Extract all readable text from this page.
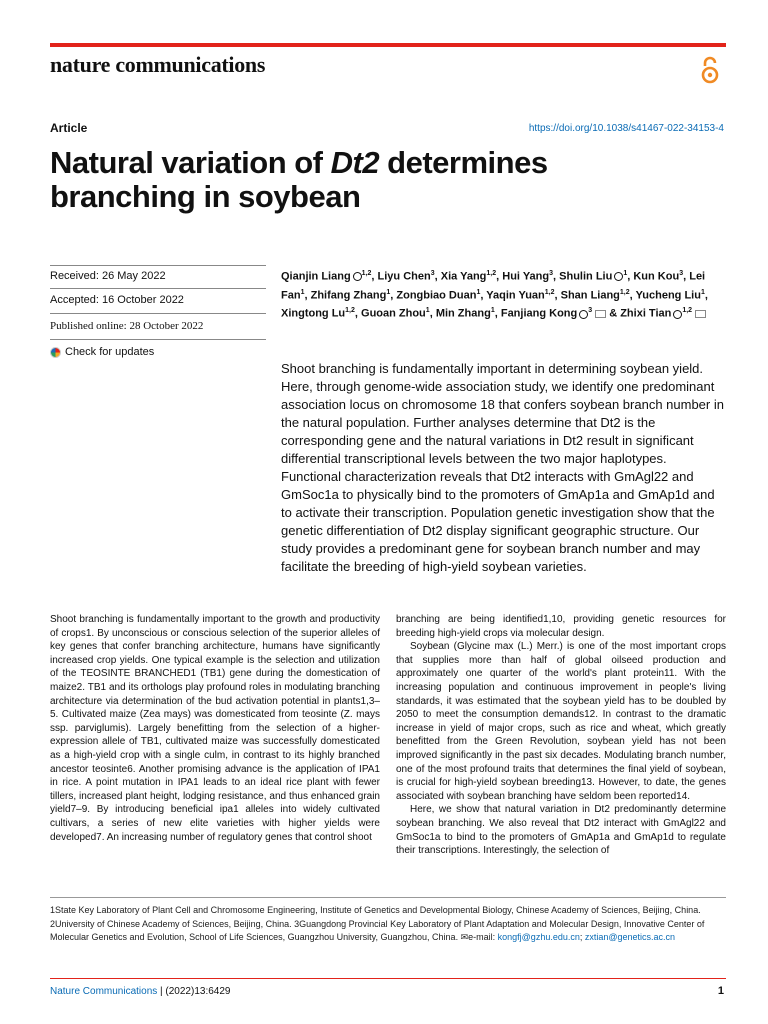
nature communications
Article	https://doi.org/10.1038/s41467-022-34153-4
Natural variation of Dt2 determines branching in soybean
Received: 26 May 2022
Accepted: 16 October 2022
Published online: 28 October 2022
Check for updates
Qianjin Liang $^{1,2}$, Liyu Chen$^3$, Xia Yang$^{1,2}$, Hui Yang$^3$, Shulin Liu $^1$, Kun Kou$^3$, Lei Fan$^1$, Zhifang Zhang$^1$, Zongbiao Duan$^1$, Yaqin Yuan$^{1,2}$, Shan Liang$^{1,2}$, Yucheng Liu$^1$, Xingtong Lu$^{1,2}$, Guoan Zhou$^1$, Min Zhang$^1$, Fanjiang Kong $^3$ & Zhixi Tian $^{1,2}$
Shoot branching is fundamentally important in determining soybean yield. Here, through genome-wide association study, we identify one predominant association locus on chromosome 18 that confers soybean branch number in the natural population. Further analyses determine that Dt2 is the corresponding gene and the natural variations in Dt2 result in significant differential transcriptional levels between the two major haplotypes. Functional characterization reveals that Dt2 interacts with GmAgl22 and GmSoc1a to physically bind to the promoters of GmAp1a and GmAp1d and to activate their transcription. Population genetic investigation show that the genetic differentiation of Dt2 display significant geographic structure. Our study provides a predominant gene for soybean branch number and may facilitate the breeding of high-yield soybean varieties.

Shoot branching is fundamentally important to the growth and productivity of crops1. By unconscious or conscious selection of the superior alleles of key genes that confer branching architecture, humans have significantly increased crop yields. One typical example is the selection and utilization of the TEOSINTE BRANCHED1 (TB1) gene during the domestication of maize2. TB1 and its orthologs play profound roles in modulating branching architecture via determination of the bud activation potential in plants1,3–5. Cultivated maize (Zea mays) was domesticated from teosinte (Z. mays ssp. parviglumis). Largely benefitting from the selection of a higher-expression allele of TB1, cultivated maize was successfully domesticated as a high-yield crop with a single culm, in contrast to its highly branched ancestor teosinte6. Another promising advance is the application of IPA1 in rice. A point mutation in IPA1 leads to an ideal rice plant with fewer tillers, increased plant height, lodging resistance, and thus enhanced grain yield7–9. By introducing beneficial ipa1 alleles into widely cultivated cultivars, a series of new elite varieties with higher yields were developed7. An increasing number of regulatory genes that control shoot

branching are being identified1,10, providing genetic resources for breeding high-yield crops via molecular design.

Soybean (Glycine max (L.) Merr.) is one of the most important crops that supplies more than half of global oilseed production and approximately one quarter of the world's plant protein11. With the increasing population and continuous improvement in people's living standards, it was estimated that the soybean yield has to be doubled by 2050 to meet the consumption demands12. In contrast to the dramatic increase in yield of major crops, such as rice and wheat, which greatly benefitted from the Green Revolution, soybean yield has not been improved significantly in the past six decades. Modulating branch number, one of the most profound traits that determines the final yield of soybean, is crucial for high-yield soybean breeding13. However, to date, the genes associated with soybean branching have seldom been reported14.

Here, we show that natural variation in Dt2 predominantly determine soybean branching. We also reveal that Dt2 interact with GmAgl22 and GmSoc1a to bind to the promoters of GmAp1a and GmAp1d to regulate their transcriptions. Interestingly, the selection of

1State Key Laboratory of Plant Cell and Chromosome Engineering, Institute of Genetics and Developmental Biology, Chinese Academy of Sciences, Beijing, China. 2University of Chinese Academy of Sciences, Beijing, China. 3Guangdong Provincial Key Laboratory of Plant Adaptation and Molecular Design, Innovative Center of Molecular Genetics and Evolution, School of Life Sciences, Guangzhou University, Guangzhou, China. ✉e-mail: kongfj@gzhu.edu.cn; zxtian@genetics.ac.cn
Nature Communications | (2022)13:6429	1
